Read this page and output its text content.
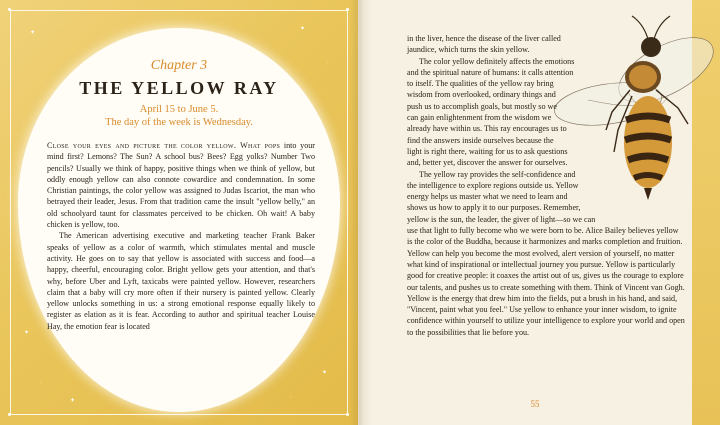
✦
·
✦
·
·
✦
·
✦	·
✦
·
Chapter 3
THE YELLOW RAY
April 15 to June 5.
The day of the week is Wednesday.

Close your eyes and picture the color yellow. What pops into your mind first? Lemons? The Sun? A school bus? Bees? Egg yolks? Number Two pencils? Usually we think of happy, positive things when we think of yellow, but oddly enough yellow can also connote cowardice and condemnation. In some Christian paintings, the color yellow was assigned to Judas Iscariot, the man who betrayed their leader, Jesus. From that tradition came the insult "yellow belly," an old schoolyard taunt for classmates perceived to be chicken. Oh wait! A baby chicken is yellow, too.

The American advertising executive and marketing teacher Frank Baker speaks of yellow as a color of warmth, which stimulates mental and muscle activity. He goes on to say that yellow is associated with success and food—a happy, cheerful, encouraging color. Bright yellow gets your attention, and that's why, before Uber and Lyft, taxicabs were painted yellow. However, researchers claim that a baby will cry more often if their nursery is painted yellow. Clearly yellow unlocks something in us: a strong emotional response equally likely to register as elation as it is fear. According to author and spiritual teacher Louise Hay, the emotion fear is located

in the liver, hence the disease of the liver called jaundice, which turns the skin yellow.

The color yellow definitely affects the emotions and the spiritual nature of humans: it calls attention to itself. The qualities of the yellow ray bring wisdom from overlooked, ordinary things and push us to accomplish goals, but mostly so we can gain enlightenment from the wisdom we already have within us. This ray encourages us to find the answers inside ourselves because the light is right there, waiting for us to ask questions and, better yet, discover the answer for ourselves.

The yellow ray provides the self-confidence and the intelligence to explore regions outside us. Yellow energy helps us master what we need to learn and shows us how to apply it to our purposes. Remember, yellow is the sun, the leader, the giver of light—so we can use that light to fully become who we were born to be. Alice Bailey believes yellow is the color of the Buddha, because it harmonizes and marks completion and fruition. Yellow can help you become the most evolved, alert version of yourself, no matter what kind of inspirational or intellectual journey you pursue. Yellow is particularly good for creative people: it coaxes the artist out of us, gives us the courage to explore our talents, and pushes us to create something with them. Think of Vincent van Gogh. Yellow is the energy that drew him into the fields, put a brush in his hand, and said, "Vincent, paint what you feel." Use yellow to enhance your inner wisdom, to ignite confidence within yourself to utilize your intelligence to explore your world and open to the possibilities that lie before you.

55
